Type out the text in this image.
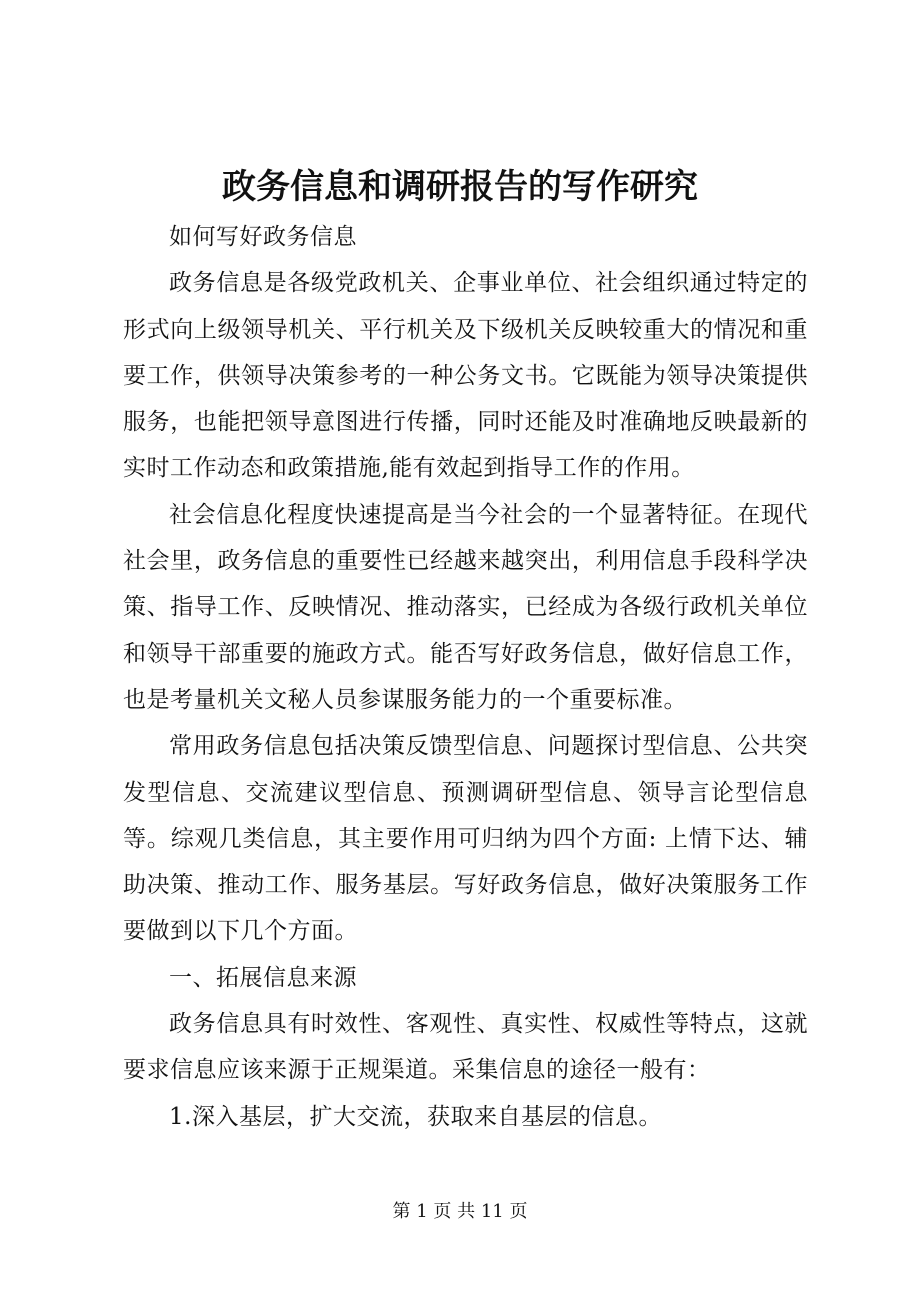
政务信息和调研报告的写作研究

如何写好政务信息

政务信息是各级党政机关、企事业单位、社会组织通过特定的形式向上级领导机关、平行机关及下级机关反映较重大的情况和重要工作，供领导决策参考的一种公务文书。它既能为领导决策提供服务，也能把领导意图进行传播，同时还能及时准确地反映最新的实时工作动态和政策措施,能有效起到指导工作的作用。

社会信息化程度快速提高是当今社会的一个显著特征。在现代社会里，政务信息的重要性已经越来越突出，利用信息手段科学决策、指导工作、反映情况、推动落实，已经成为各级行政机关单位和领导干部重要的施政方式。能否写好政务信息，做好信息工作，也是考量机关文秘人员参谋服务能力的一个重要标准。

常用政务信息包括决策反馈型信息、问题探讨型信息、公共突发型信息、交流建议型信息、预测调研型信息、领导言论型信息等。综观几类信息，其主要作用可归纳为四个方面: 上情下达、辅助决策、推动工作、服务基层。写好政务信息，做好决策服务工作要做到以下几个方面。

一、拓展信息来源

政务信息具有时效性、客观性、真实性、权威性等特点，这就要求信息应该来源于正规渠道。采集信息的途径一般有：

1.深入基层，扩大交流，获取来自基层的信息。

第 1 页 共 11 页
